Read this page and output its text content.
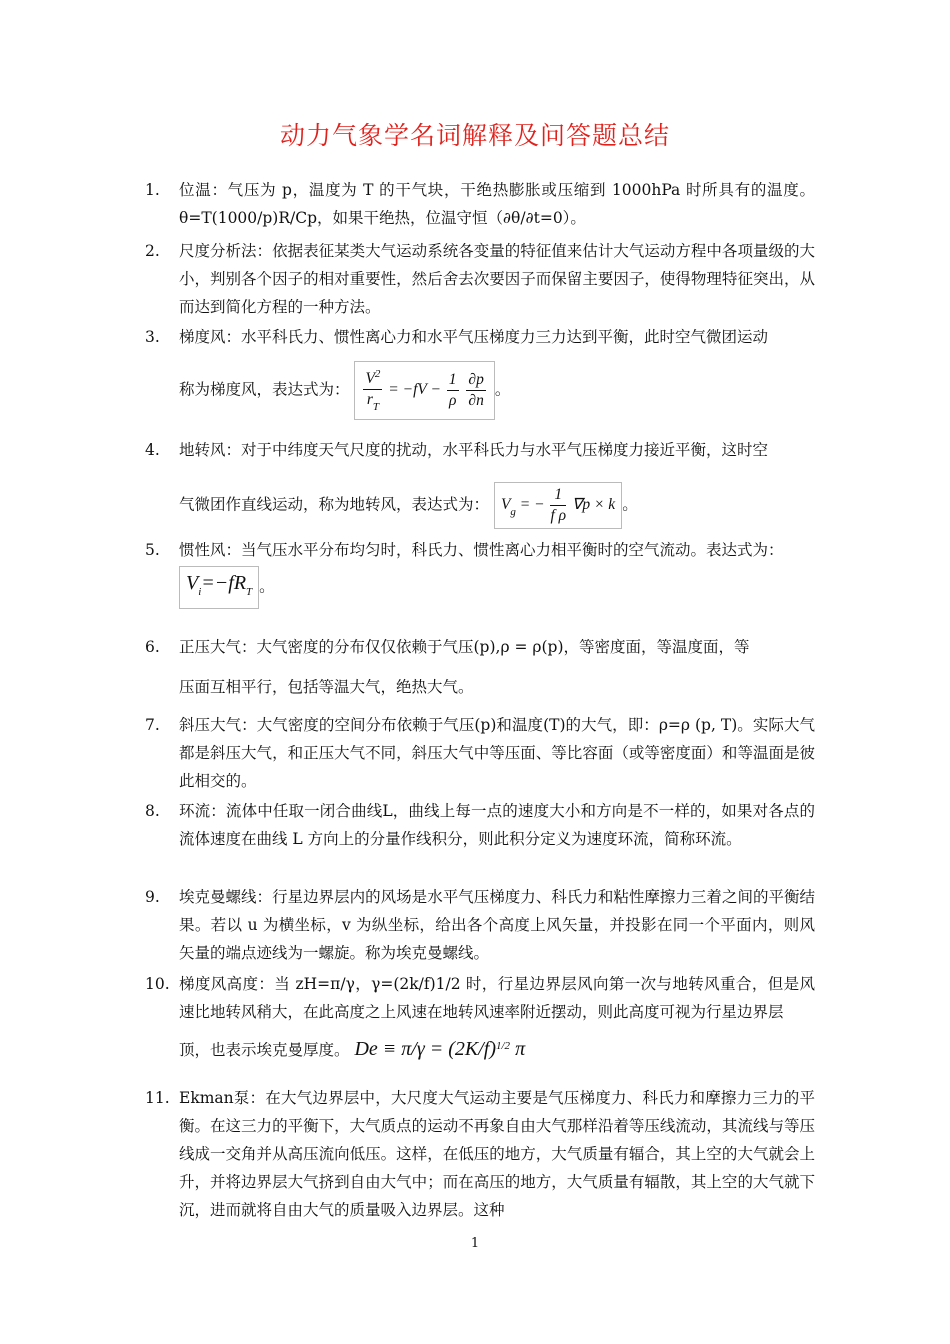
动力气象学名词解释及问答题总结
1.	位温：气压为 p，温度为 T 的干气块，干绝热膨胀或压缩到 1000hPa 时所具有的温度。θ=T(1000/p)R/Cp，如果干绝热，位温守恒（∂θ/∂t=0）。
2.	尺度分析法：依据表征某类大气运动系统各变量的特征值来估计大气运动方程中各项量级的大小，判别各个因子的相对重要性，然后舍去次要因子而保留主要因子，使得物理特征突出，从而达到简化方程的一种方法。
3.	梯度风：水平科氏力、惯性离心力和水平气压梯度力三力达到平衡，此时空气微团运动
称为梯度风，表达式为： $\frac{V^2}{r_T} = -fV - \frac{1}{\rho}$
$\frac{\partial p}{\partial n}$ 。
4.	地转风：对于中纬度天气尺度的扰动，水平科氏力与水平气压梯度力接近平衡，这时空
气微团作直线运动，称为地转风，表达式为： $V_g$ = − $\frac{1}{\text{f ρ}} \nabla p \times k$ 。
5.	惯性风：当气压水平分布均匀时，科氏力、惯性离心力相平衡时的空气流动。表达式为：
$V_i=-fR_T$ 。
6.	正压大气：大气密度的分布仅仅依赖于气压(p),ρ = ρ(p)，等密度面，等温度面，等
压面互相平行，包括等温大气，绝热大气。
7.	斜压大气：大气密度的空间分布依赖于气压(p)和温度(T)的大气，即：ρ=ρ (p, T)。实际大气都是斜压大气，和正压大气不同，斜压大气中等压面、等比容面（或等密度面）和等温面是彼此相交的。
8.	环流：流体中任取一闭合曲线L，曲线上每一点的速度大小和方向是不一样的，如果对各点的流体速度在曲线 L 方向上的分量作线积分，则此积分定义为速度环流，简称环流。
9.	埃克曼螺线：行星边界层内的风场是水平气压梯度力、科氏力和粘性摩擦力三着之间的平衡结果。若以 u 为横坐标，v 为纵坐标，给出各个高度上风矢量，并投影在同一个平面内，则风矢量的端点迹线为一螺旋。称为埃克曼螺线。
10. 梯度风高度：当 zH=π/γ，γ=(2k/f)1/2 时，行星边界层风向第一次与地转风重合，但是风速比地转风稍大，在此高度之上风速在地转风速率附近摆动，则此高度可视为行星边界层
顶，也表示埃克曼厚度。 $De \equiv \pi/\gamma = (2K/f)^{1/2}$ π
11. Ekman泵：在大气边界层中，大尺度大气运动主要是气压梯度力、科氏力和摩擦力三力的平衡。在这三力的平衡下，大气质点的运动不再象自由大气那样沿着等压线流动，其流线与等压线成一交角并从高压流向低压。这样，在低压的地方，大气质量有辐合，其上空的大气就会上升，并将边界层大气挤到自由大气中；而在高压的地方，大气质量有辐散，其上空的大气就下沉，进而就将自由大气的质量吸入边界层。这种
1
